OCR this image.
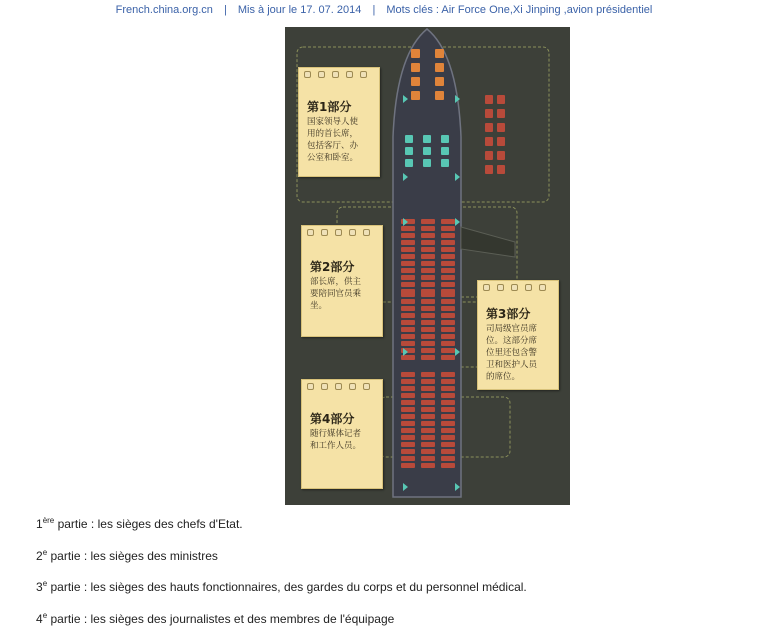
French.china.org.cn | Mis à jour le 17. 07. 2014 | Mots clés : Air Force One,Xi Jinping ,avion présidentiel
第1部分
国家领导人使
用的首长席，
包括客厅、办
公室和卧室。
第2部分
部长席，供主
要陪同官员乘
坐。
第3部分
司局级官员席
位。这部分席
位里还包含警
卫和医护人员
的席位。
第4部分
随行媒体记者
和工作人员。
1ère partie : les sièges des chefs d'Etat.
2e partie : les sièges des ministres
3e partie : les sièges des hauts fonctionnaires, des gardes du corps et du personnel médical.
4e partie : les sièges des journalistes et des membres de l'équipage
